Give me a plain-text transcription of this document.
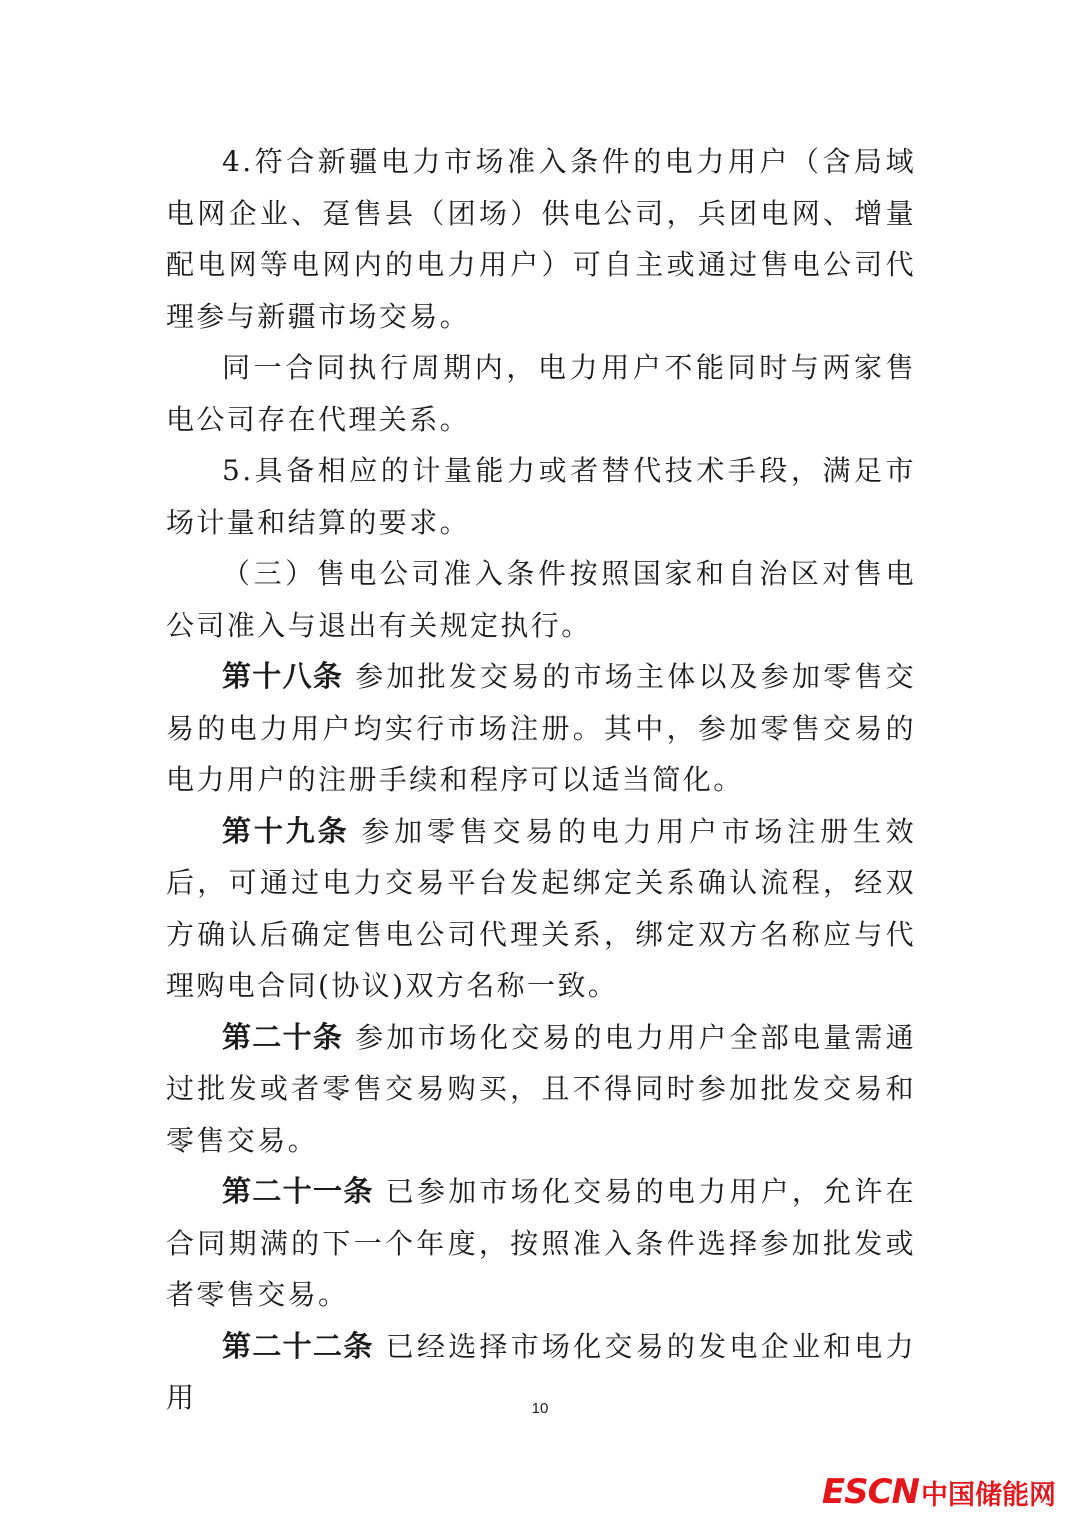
4.符合新疆电力市场准入条件的电力用户（含局域电网企业、趸售县（团场）供电公司，兵团电网、增量配电网等电网内的电力用户）可自主或通过售电公司代理参与新疆市场交易。

同一合同执行周期内，电力用户不能同时与两家售电公司存在代理关系。

5.具备相应的计量能力或者替代技术手段，满足市场计量和结算的要求。

（三）售电公司准入条件按照国家和自治区对售电公司准入与退出有关规定执行。

第十八条 参加批发交易的市场主体以及参加零售交易的电力用户均实行市场注册。其中，参加零售交易的电力用户的注册手续和程序可以适当简化。

第十九条 参加零售交易的电力用户市场注册生效后，可通过电力交易平台发起绑定关系确认流程，经双方确认后确定售电公司代理关系，绑定双方名称应与代理购电合同(协议)双方名称一致。

第二十条 参加市场化交易的电力用户全部电量需通过批发或者零售交易购买，且不得同时参加批发交易和零售交易。

第二十一条 已参加市场化交易的电力用户，允许在合同期满的下一个年度，按照准入条件选择参加批发或者零售交易。

第二十二条 已经选择市场化交易的发电企业和电力用	10
ESCN 中国储能网
